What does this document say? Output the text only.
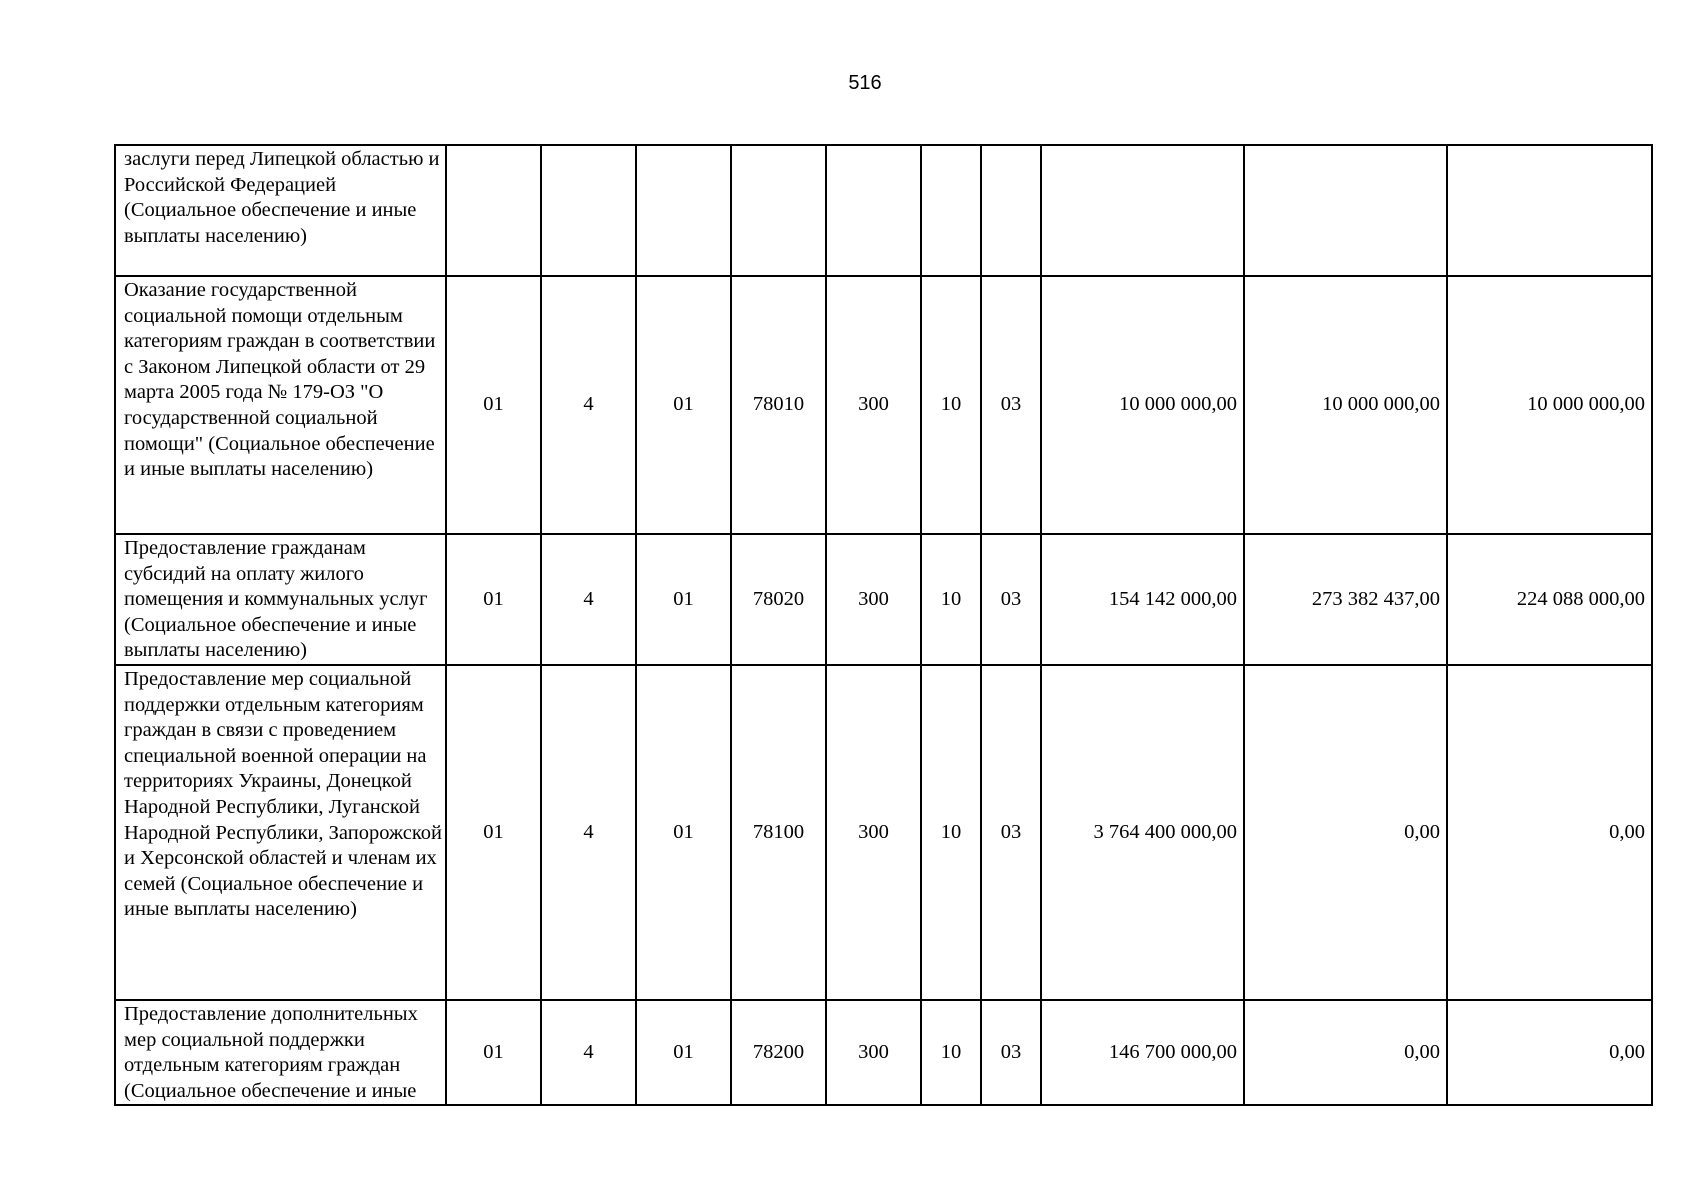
516
заслуги перед Липецкой областью и Российской Федерацией (Социальное обеспечение и иные выплаты населению)										
Оказание государственной социальной помощи отдельным категориям граждан в соответствии с Законом Липецкой области от 29 марта 2005 года № 179-ОЗ "О государственной социальной помощи" (Социальное обеспечение и иные выплаты населению)	01	4	01	78010	300	10	03	10 000 000,00	10 000 000,00	10 000 000,00
Предоставление гражданам субсидий на оплату жилого помещения и коммунальных услуг (Социальное обеспечение и иные выплаты населению)	01	4	01	78020	300	10	03	154 142 000,00	273 382 437,00	224 088 000,00
Предоставление мер социальной поддержки отдельным категориям граждан в связи с проведением специальной военной операции на территориях Украины, Донецкой Народной Республики, Луганской Народной Республики, Запорожской и Херсонской областей и членам их семей (Социальное обеспечение и иные выплаты населению)	01	4	01	78100	300	10	03	3 764 400 000,00	0,00	0,00
Предоставление дополнительных мер социальной поддержки отдельным категориям граждан (Социальное обеспечение и иные	01	4	01	78200	300	10	03	146 700 000,00	0,00	0,00
